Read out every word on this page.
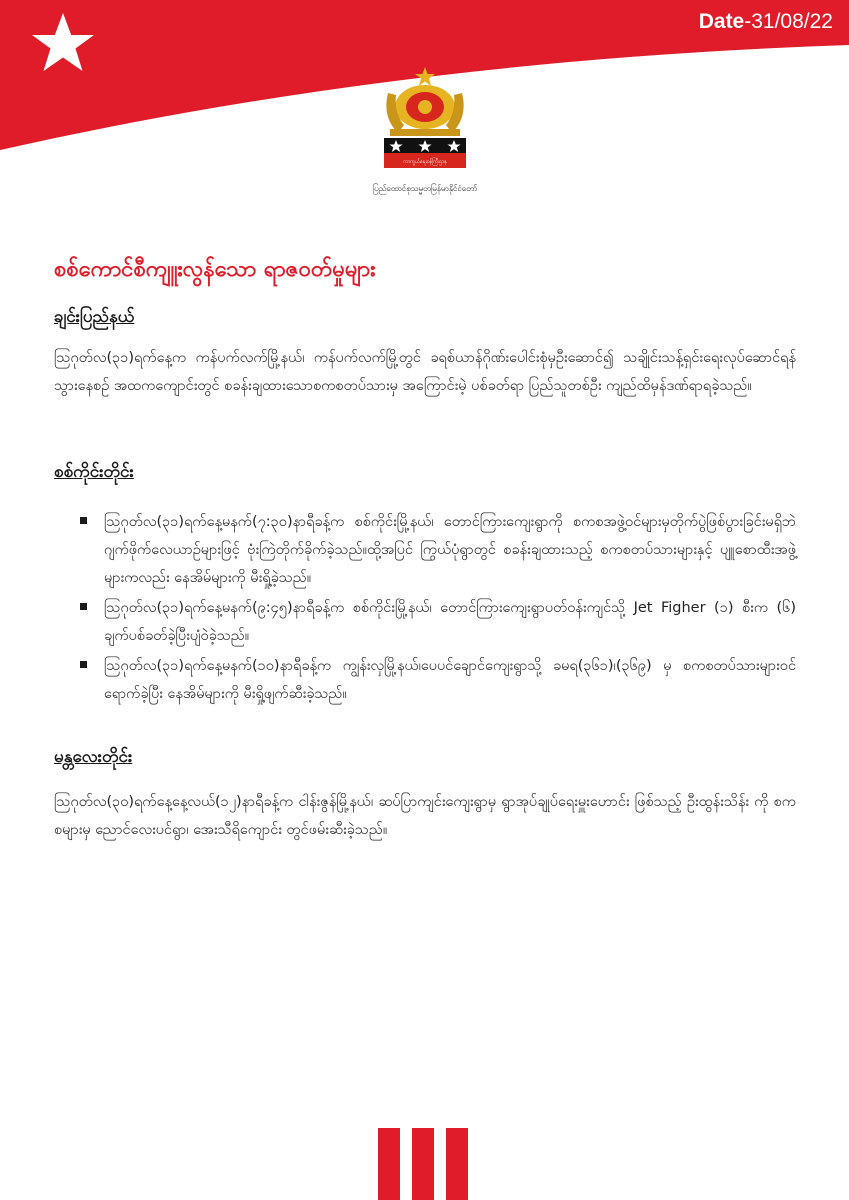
Date-31/08/22
ကာကွယ်ရေးဝန်ကြီးဌာန
ပြည်ထောင်စုသမ္မတမြန်မာနိုင်ငံတော်
စစ်ကောင်စီကျူးလွန်သော ရာဇဝတ်မှုများ
ချင်းပြည်နယ်

ဩဂုတ်လ(၃၁)ရက်နေ့က ကန်ပက်လက်မြို့နယ်၊ ကန်ပက်လက်မြို့တွင် ခရစ်ယာန်ဂိုဏ်းပေါင်းစုံမှဦးဆောင်၍ သချိုင်းသန့်ရှင်းရေးလုပ်ဆောင်ရန်သွားနေစဉ် အထကကျောင်းတွင် စခန်းချထားသောစကစတပ်သားမှ အကြောင်းမဲ့ ပစ်ခတ်ရာ ပြည်သူတစ်ဦး ကျည်ထိမှန်ဒဏ်ရာရခဲ့သည်။

စစ်ကိုင်းတိုင်း
ဩဂုတ်လ(၃၁)ရက်နေ့မနက်(၇:၃၀)နာရီခန့်က စစ်ကိုင်းမြို့နယ်၊ တောင်ကြားကျေးရွာကို စကစအဖွဲ့ဝင်များမှတိုက်ပွဲဖြစ်ပွားခြင်းမရှိဘဲ ဂျက်ဖိုက်လေယာဉ်များဖြင့် ဗုံးကြဲတိုက်ခိုက်ခဲ့သည်။ထို့အပြင် ကြွယ်ပုံရွာတွင် စခန်းချထားသည့် စကစတပ်သားများနှင့် ပျူစောထီးအဖွဲ့များကလည်း နေအိမ်များကို မီးရှို့ခဲ့သည်။
ဩဂုတ်လ(၃၁)ရက်နေ့မနက်(၉:၄၅)နာရီခန့်က စစ်ကိုင်းမြို့နယ်၊ တောင်ကြားကျေးရွာပတ်ဝန်းကျင်သို့ Jet Figher (၁) စီးက (၆) ချက်ပစ်ခတ်ခဲ့ပြီးပျံဝဲခဲ့သည်။
ဩဂုတ်လ(၃၁)ရက်နေ့မနက်(၁၀)နာရီခန့်က ကျွန်းလှမြို့နယ်၊ပေပင်ချောင်ကျေးရွာသို့ ခမရ(၃၆၁)၊(၃၆၉) မှ စကစတပ်သားများဝင်ရောက်ခဲ့ပြီး နေအိမ်များကို မီးရှို့ဖျက်ဆီးခဲ့သည်။
မန္တလေးတိုင်း

ဩဂုတ်လ(၃၀)ရက်နေ့နေ့လယ်(၁၂)နာရီခန့်က ငါန်းဇွန်မြို့နယ်၊ ဆပ်ပြာကျင်းကျေးရွာမှ ရွာအုပ်ချုပ်ရေးမှူးဟောင်း ဖြစ်သည့် ဦးထွန်းသိန်း ကို စကစများမှ ညောင်လေးပင်ရွာ၊ အေးသီရိကျောင်း တွင်ဖမ်းဆီးခဲ့သည်။
